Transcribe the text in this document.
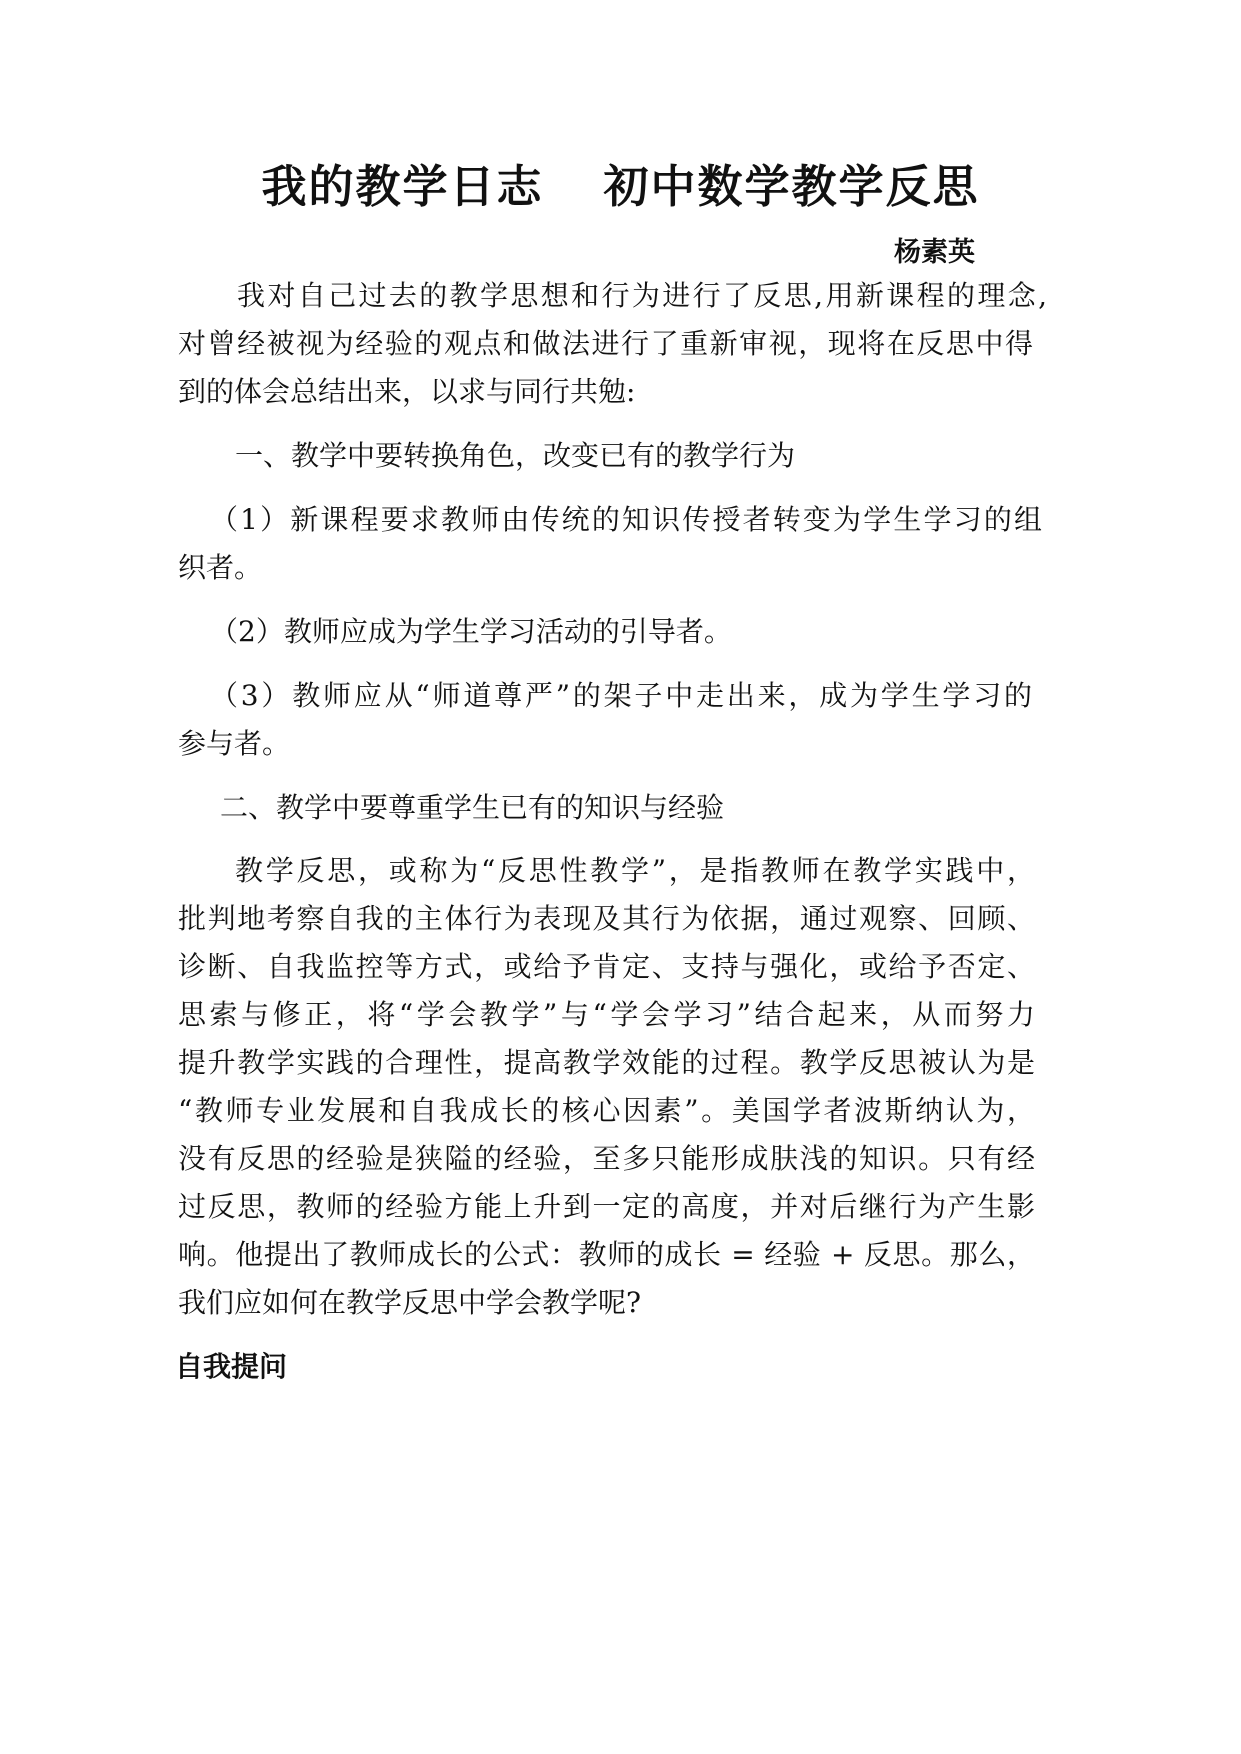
我的教学日志 初中数学教学反思
杨素英
我对自己过去的教学思想和行为进行了反思,用新课程的理念,
对曾经被视为经验的观点和做法进行了重新审视，现将在反思中得
到的体会总结出来，以求与同行共勉:
一、教学中要转换角色，改变已有的教学行为
（1）新课程要求教师由传统的知识传授者转变为学生学习的组
织者。
（2）教师应成为学生学习活动的引导者。
（3）教师应从“师道尊严”的架子中走出来，成为学生学习的
参与者。
二、教学中要尊重学生已有的知识与经验
教学反思，或称为“反思性教学”，是指教师在教学实践中，
批判地考察自我的主体行为表现及其行为依据，通过观察、回顾、
诊断、自我监控等方式，或给予肯定、支持与强化，或给予否定、
思索与修正，将“学会教学”与“学会学习”结合起来，从而努力
提升教学实践的合理性，提高教学效能的过程。教学反思被认为是
“教师专业发展和自我成长的核心因素”。美国学者波斯纳认为，
没有反思的经验是狭隘的经验，至多只能形成肤浅的知识。只有经
过反思，教师的经验方能上升到一定的高度，并对后继行为产生影
响。他提出了教师成长的公式：教师的成长 = 经验 + 反思。那么，
我们应如何在教学反思中学会教学呢?
自我提问
